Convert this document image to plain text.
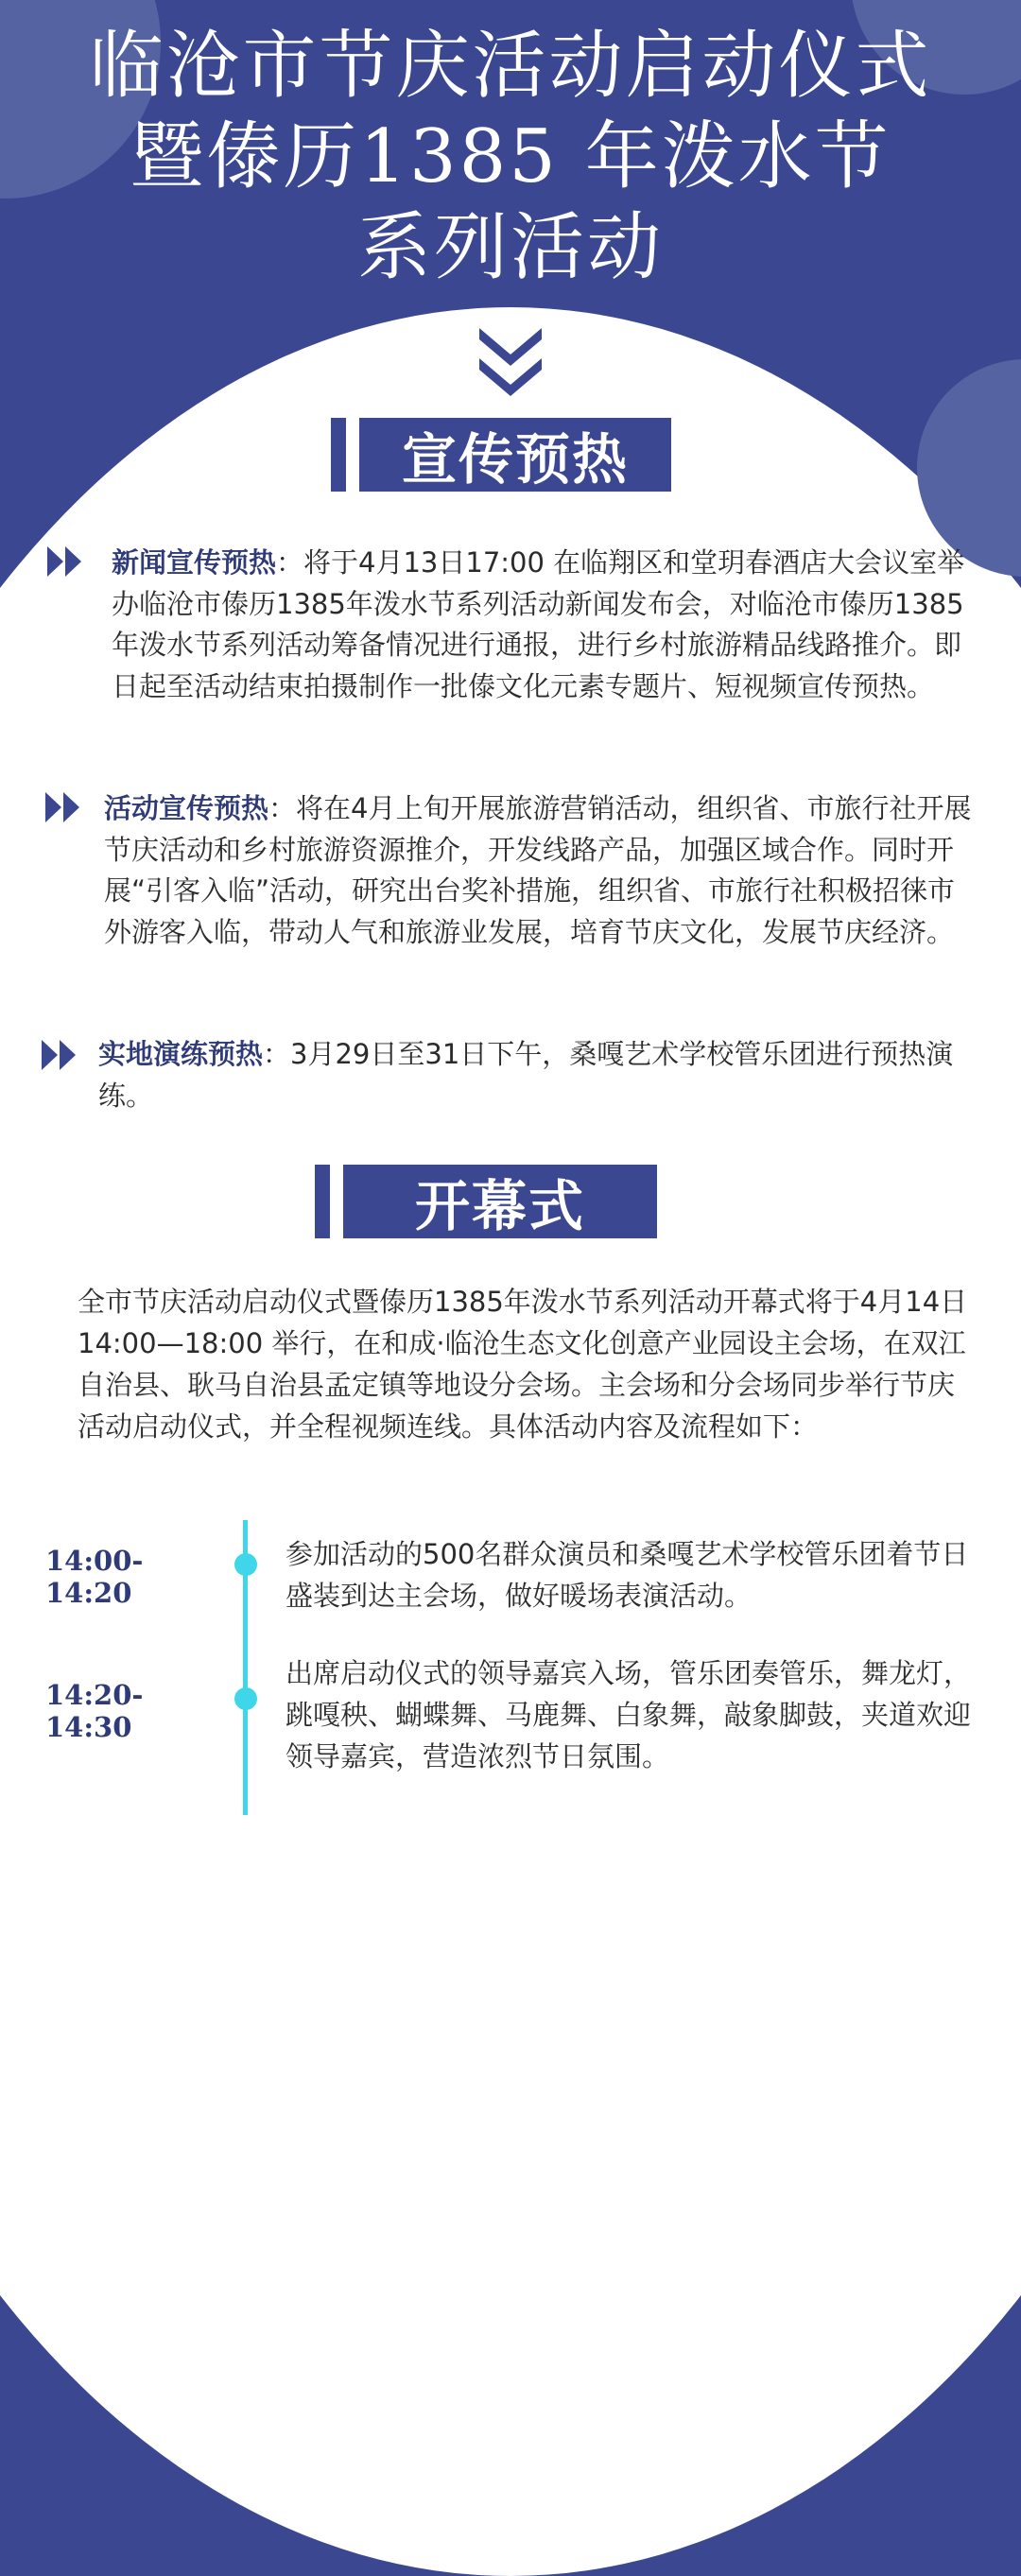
临沧市节庆活动启动仪式
暨傣历1385 年泼水节
系列活动
宣传预热
新闻宣传预热：将于4月13日17:00 在临翔区和堂玥春酒店大会议室举办临沧市傣历1385年泼水节系列活动新闻发布会，对临沧市傣历1385年泼水节系列活动筹备情况进行通报，进行乡村旅游精品线路推介。即日起至活动结束拍摄制作一批傣文化元素专题片、短视频宣传预热。
活动宣传预热：将在4月上旬开展旅游营销活动，组织省、市旅行社开展节庆活动和乡村旅游资源推介，开发线路产品，加强区域合作。同时开展“引客入临”活动，研究出台奖补措施，组织省、市旅行社积极招徕市外游客入临，带动人气和旅游业发展，培育节庆文化，发展节庆经济。
实地演练预热：3月29日至31日下午，桑嘎艺术学校管乐团进行预热演练。
开幕式
全市节庆活动启动仪式暨傣历1385年泼水节系列活动开幕式将于4月14日14:00—18:00 举行，在和成·临沧生态文化创意产业园设主会场，在双江自治县、耿马自治县孟定镇等地设分会场。主会场和分会场同步举行节庆活动启动仪式，并全程视频连线。具体活动内容及流程如下：
14:00-14:20
参加活动的500名群众演员和桑嘎艺术学校管乐团着节日盛装到达主会场，做好暖场表演活动。
14:20-14:30
出席启动仪式的领导嘉宾入场，管乐团奏管乐，舞龙灯，跳嘎秧、蝴蝶舞、马鹿舞、白象舞，敲象脚鼓，夹道欢迎领导嘉宾，营造浓烈节日氛围。
